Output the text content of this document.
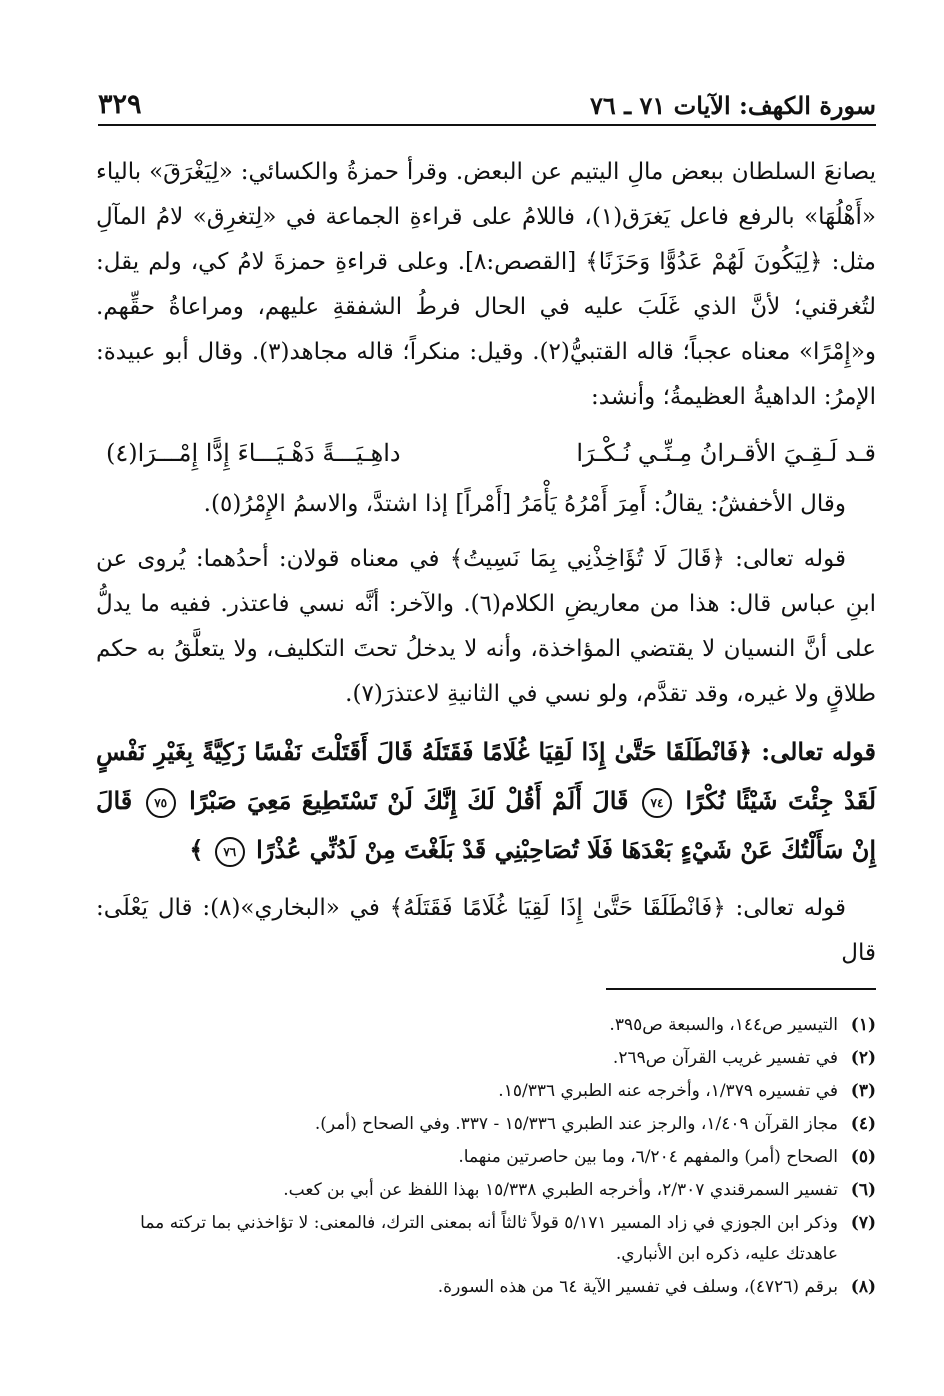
٣٢٩	سورة الكهف: الآيات ٧١ ـ ٧٦

يصانعَ السلطان ببعض مالِ اليتيم عن البعض. وقرأ حمزةُ والكسائي: «لِيَغْرَقَ» بالياء «أَهْلُهَا» بالرفع فاعل يَغرَق(١)، فاللامُ على قراءةِ الجماعة في «لِتغرِق» لامُ المآلِ مثل: ﴿لِيَكُونَ لَهُمْ عَدُوًّا وَحَزَنًا﴾ [القصص:٨]. وعلى قراءةِ حمزةَ لامُ كي، ولم يقل: لتُغرقني؛ لأنَّ الذي غَلَبَ عليه في الحال فرطُ الشفقةِ عليهم، ومراعاةُ حقِّهم. و«إِمْرًا» معناه عجباً؛ قاله القتبيُّ(٢). وقيل: منكراً؛ قاله مجاهد(٣). وقال أبو عبيدة: الإمرُ: الداهيةُ العظيمةُ؛ وأنشد:

قـد لَـقِـيَ الأقـرانُ مِـنِّـي نُـكْـرَا
داهِـيَـــةً دَهْـيَـــاءَ إِدًّا إِمْـــرَا(٤)

وقال الأخفشُ: يقالُ: أَمِرَ أَمْرُهُ يَأْمَرُ [أَمْراً] إذا اشتدَّ، والاسمُ الإِمْرُ(٥).

قوله تعالى: ﴿قَالَ لَا تُؤَاخِذْنِي بِمَا نَسِيتُ﴾ في معناه قولان: أحدُهما: يُروى عن ابنِ عباس قال: هذا من معاريضِ الكلام(٦). والآخر: أنَّه نسي فاعتذر. ففيه ما يدلُّ على أنَّ النسيان لا يقتضي المؤاخذة، وأنه لا يدخلُ تحتَ التكليف، ولا يتعلَّقُ به حكم طلاقٍ ولا غيره، وقد تقدَّم، ولو نسي في الثانيةِ لاعتذرَ(٧).

قوله تعالى: ﴿فَانْطَلَقَا حَتَّىٰ إِذَا لَقِيَا غُلَامًا فَقَتَلَهُ قَالَ أَقَتَلْتَ نَفْسًا زَكِيَّةً بِغَيْرِ نَفْسٍ لَقَدْ جِئْتَ شَيْئًا نُكْرًا ٧٤ قَالَ أَلَمْ أَقُلْ لَكَ إِنَّكَ لَنْ تَسْتَطِيعَ مَعِيَ صَبْرًا ٧٥ قَالَ إِنْ سَأَلْتُكَ عَنْ شَيْءٍ بَعْدَهَا فَلَا تُصَاحِبْنِي قَدْ بَلَغْتَ مِنْ لَدُنِّي عُذْرًا ٧٦ ﴾

قوله تعالى: ﴿فَانْطَلَقَا حَتَّىٰ إِذَا لَقِيَا غُلَامًا فَقَتَلَهُ﴾ في «البخاري»(٨): قال يَعْلَى: قال

(١)
التيسير ص١٤٤، والسبعة ص٣٩٥.
(٢)
في تفسير غريب القرآن ص٢٦٩.
(٣)
في تفسيره ١/٣٧٩، وأخرجه عنه الطبري ١٥/٣٣٦.
(٤)
مجاز القرآن ١/٤٠٩، والرجز عند الطبري ١٥/٣٣٦ - ٣٣٧. وفي الصحاح (أمر).
(٥)
الصحاح (أمر) والمفهم ٦/٢٠٤، وما بين حاصرتين منهما.
(٦)
تفسير السمرقندي ٢/٣٠٧، وأخرجه الطبري ١٥/٣٣٨ بهذا اللفظ عن أبي بن كعب.
(٧)
وذكر ابن الجوزي في زاد المسير ٥/١٧١ قولاً ثالثاً أنه بمعنى الترك، فالمعنى: لا تؤاخذني بما تركته مما عاهدتك عليه، ذكره ابن الأنباري.
(٨)
برقم (٤٧٢٦)، وسلف في تفسير الآية ٦٤ من هذه السورة.
